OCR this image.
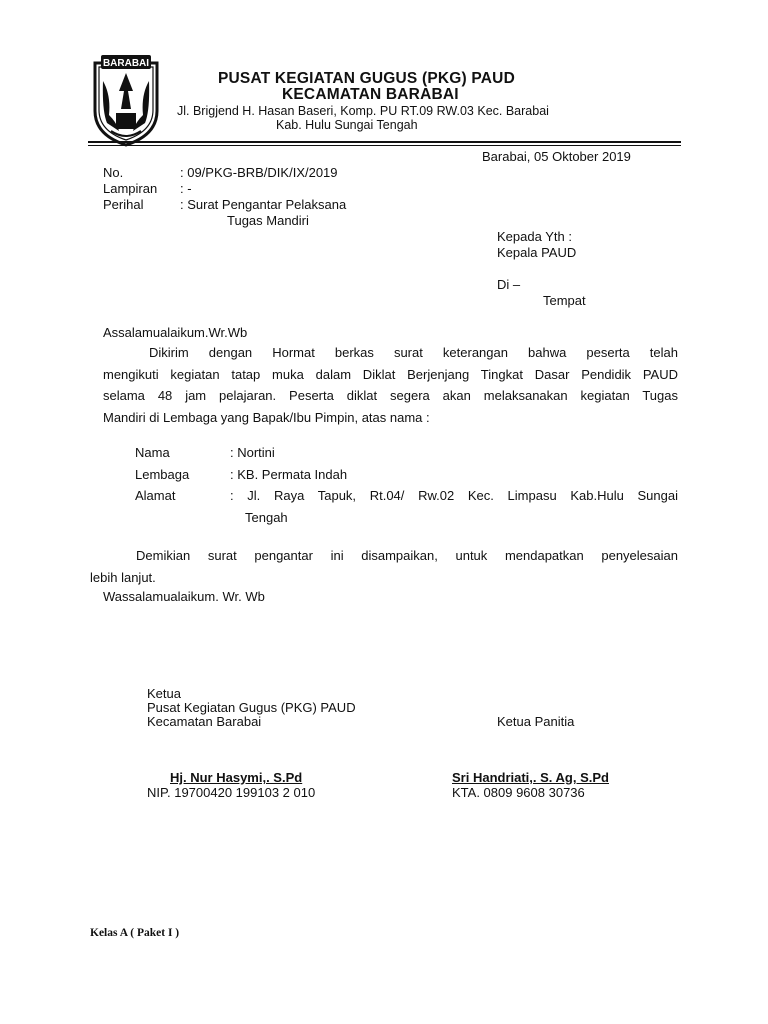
BARABAI
PUSAT KEGIATAN GUGUS (PKG) PAUD
KECAMATAN BARABAI
Jl. Brigjend H. Hasan Baseri, Komp. PU RT.09 RW.03 Kec. Barabai
Kab. Hulu Sungai Tengah
Barabai, 05 Oktober 2019
No.	: 09/PKG-BRB/DIK/IX/2019
Lampiran : -
Perihal	: Surat Pengantar Pelaksana
Tugas Mandiri
Kepada Yth :
Kepala PAUD
Di –
Tempat
Assalamualaikum.Wr.Wb
Dikirim dengan Hormat berkas surat keterangan bahwa peserta telah
mengikuti kegiatan tatap muka dalam Diklat Berjenjang Tingkat Dasar Pendidik PAUD
selama 48 jam pelajaran. Peserta diklat segera akan melaksanakan kegiatan Tugas
Mandiri di Lembaga yang Bapak/Ibu Pimpin, atas nama :
Nama	: Nortini
Lembaga	: KB. Permata Indah
Alamat	: Jl. Raya Tapuk, Rt.04/ Rw.02 Kec. Limpasu Kab.Hulu Sungai
Tengah
Demikian surat pengantar ini disampaikan, untuk mendapatkan penyelesaian
lebih lanjut.
Wassalamualaikum. Wr. Wb
Ketua
Pusat Kegiatan Gugus (PKG) PAUD
Kecamatan Barabai	Ketua Panitia
Hj. Nur Hasymi,. S.Pd
NIP. 19700420 199103 2 010
Sri Handriati,. S. Ag, S.Pd
KTA. 0809 9608 30736
Kelas A ( Paket I )
